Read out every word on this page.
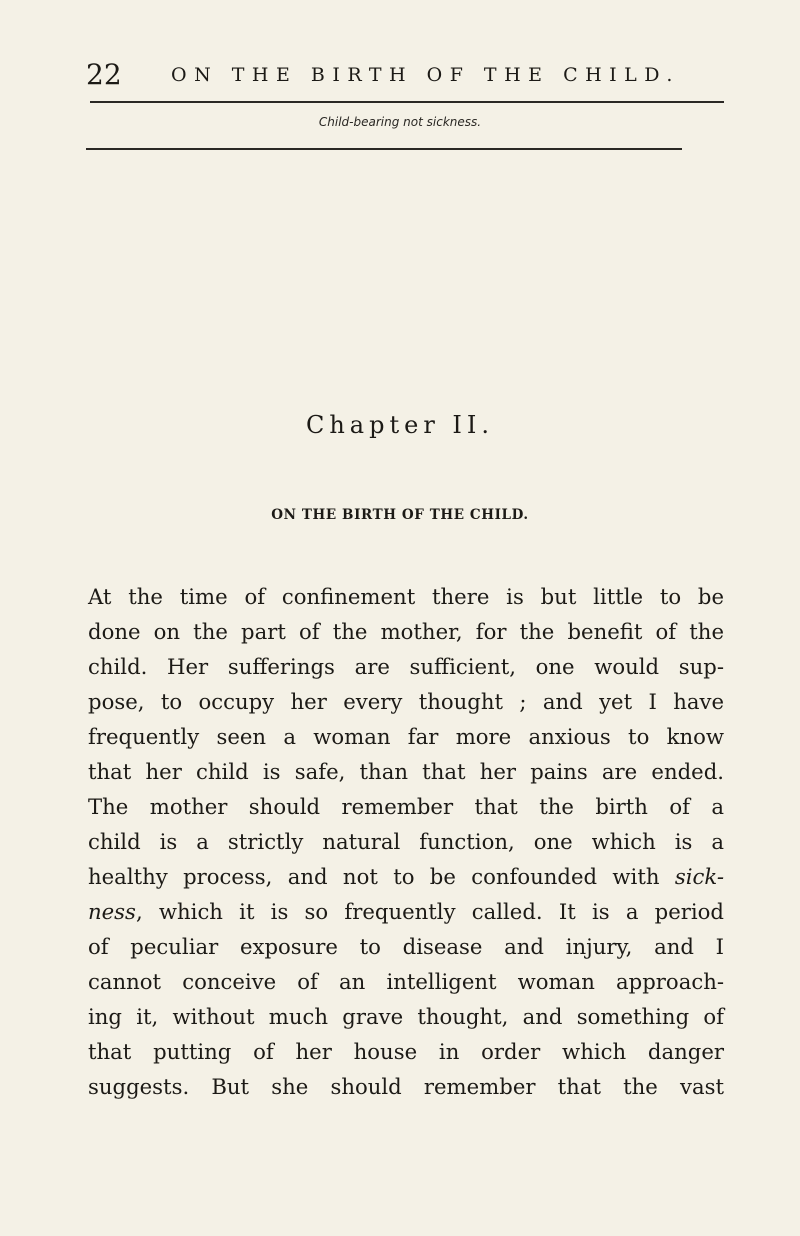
22	ON THE BIRTH OF THE CHILD.
Child-bearing not sickness.
Chapter II.
ON THE BIRTH OF THE CHILD.
At the time of confinement there is but little to be
done on the part of the mother, for the benefit of the
child. Her sufferings are sufficient, one would sup-
pose, to occupy her every thought ; and yet I have
frequently seen a woman far more anxious to know
that her child is safe, than that her pains are ended.
The mother should remember that the birth of a
child is a strictly natural function, one which is a
healthy process, and not to be confounded with sick-
ness, which it is so frequently called. It is a period
of peculiar exposure to disease and injury, and I
cannot conceive of an intelligent woman approach-
ing it, without much grave thought, and something of
that putting of her house in order which danger
suggests. But she should remember that the vast
